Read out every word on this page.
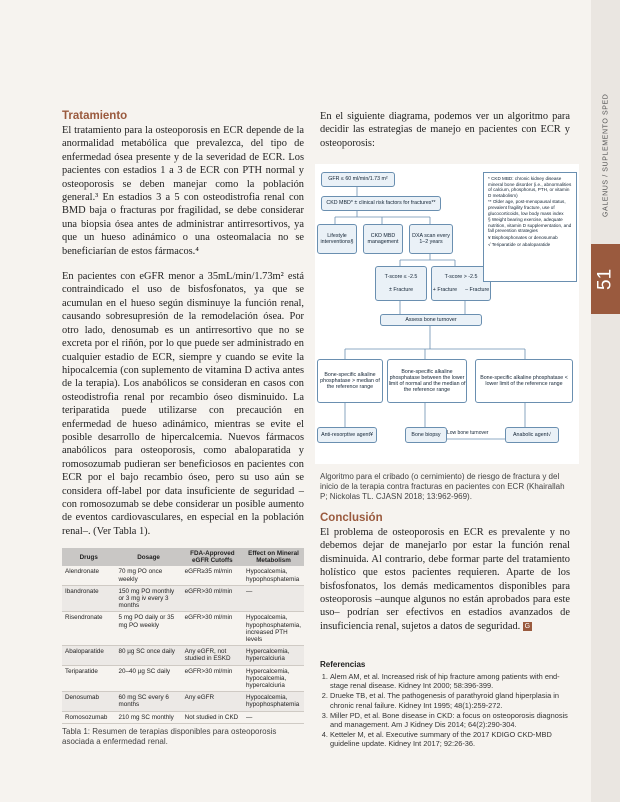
GALENUS / SUPLEMENTO SPED
51
Tratamiento

El tratamiento para la osteoporosis en ECR depende de la anormalidad metabólica que prevalezca, del tipo de enfermedad ósea presente y de la severidad de ECR. Los pacientes con estadios 1 a 3 de ECR con PTH normal y osteoporosis se deben manejar como la población general.³ En estadios 3 a 5 con osteodistrofia renal con BMD baja o fracturas por fragilidad, se debe considerar una biopsia ósea antes de administrar antirresortivos, ya que un hueso adinámico o una osteomalacia no se beneficiarían de estos fármacos.⁴

En pacientes con eGFR menor a 35mL/min/1.73m² está contraindicado el uso de bisfosfonatos, ya que se acumulan en el hueso según disminuye la función renal, causando sobresupresión de la remodelación ósea. Por otro lado, denosumab es un antirresortivo que no se excreta por el riñón, por lo que puede ser administrado en cualquier estadio de ECR, siempre y cuando se evite la hipocalcemia (con suplemento de vitamina D activa antes de la terapia). Los anabólicos se consideran en casos con osteodistrofia renal por recambio óseo disminuido. La teriparatida puede utilizarse con precaución en enfermedad de hueso adinámico, mientras se evite el posible desarrollo de hipercalcemia. Nuevos fármacos anabólicos para osteoporosis, como abaloparatida y romosozumab pudieran ser beneficiosos en pacientes con ECR por el bajo recambio óseo, pero su uso aún se considera off-label por data insuficiente de seguridad –con romosozumab se debe considerar un posible aumento de eventos cardiovasculares, en especial en la población renal–. (Ver Tabla 1).

Drugs	Dosage	FDA-Approved eGFR Cutoffs	Effect on Mineral Metabolism
Alendronate	70 mg PO once weekly	eGFR≥35 ml/min	Hypocalcemia, hypophosphatemia
Ibandronate	150 mg PO monthly or 3 mg iv every 3 months	eGFR>30 ml/min	—
Risendronate	5 mg PO daily or 35 mg PO weekly	eGFR>30 ml/min	Hypocalcemia, hypophosphatemia, increased PTH levels
Abaloparatide	80 µg SC once daily	Any eGFR, not studied in ESKD	Hypercalcemia, hypercalciuria
Teriparatide	20–40 µg SC daily	eGFR>30 ml/min	Hypercalcemia, hypocalcemia, hypercalciuria
Denosumab	60 mg SC every 6 months	Any eGFR	Hypocalcemia, hypophosphatemia
Romosozumab	210 mg SC monthly	Not studied in CKD	—

Tabla 1: Resumen de terapias disponibles para osteoporosis asociada a enfermedad renal.

En el siguiente diagrama, podemos ver un algoritmo para decidir las estrategias de manejo en pacientes con ECR y osteoporosis:

GFR ≤ 60 ml/min/1.73 m²
CKD MBD* ± clinical risk factors for fractures**
Lifestyle interventions§
CKD MBD management
DXA scan every 1–2 years
T-score ≤ -2.5
± Fracture
T-score > -2.5
+ Fracture – Fracture
Assess bone turnover
Bone-specific alkaline phosphatase > median of the reference range
Bone-specific alkaline phosphatase between the lower limit of normal and the median of the reference range
Bone-specific alkaline phosphatase < lower limit of the reference range
Anti-resorptive agent¥	Bone biopsy	Low bone turnover	Anabolic agent√
* CKD MBD: chronic kidney disease mineral bone disorder (i.e., abnormalities of calcium, phosphorus, PTH, or vitamin D metabolism)
** Older age, post-menopausal status, prevalent fragility fracture, use of glucocorticoids, low body mass index
§ Weight bearing exercise, adequate nutrition, vitamin D supplementation, and fall prevention strategies
¥ Bisphosphonates or denosumab
√ Teriparatide or abaloparatide

Algoritmo para el cribado (o cernimiento) de riesgo de fractura y del inicio de la terapia contra fracturas en pacientes con ECR (Khairallah P; Nickolas TL. CJASN 2018; 13:962-969).

Conclusión

El problema de osteoporosis en ECR es prevalente y no debemos dejar de manejarlo por estar la función renal disminuida. Al contrario, debe formar parte del tratamiento holístico que estos pacientes requieren. Aparte de los bisfosfonatos, los demás medicamentos disponibles para osteoporosis –aunque algunos no están aprobados para este uso– podrían ser efectivos en estadios avanzados de insuficiencia renal, sujetos a datos de seguridad. G

Referencias

1. Alem AM, et al. Increased risk of hip fracture among patients with end-stage renal disease. Kidney Int 2000; 58:396-399.
2. Drueke TB, et al. The pathogenesis of parathyroid gland hiperplasia in chronic renal failure. Kidney Int 1995; 48(1):259-272.
3. Miller PD, et al. Bone disease in CKD: a focus on osteoporosis diagnosis and management. Am J Kidney Dis 2014; 64(2):290-304.
4. Ketteler M, et al. Executive summary of the 2017 KDIGO CKD-MBD guideline update. Kidney Int 2017; 92:26-36.
